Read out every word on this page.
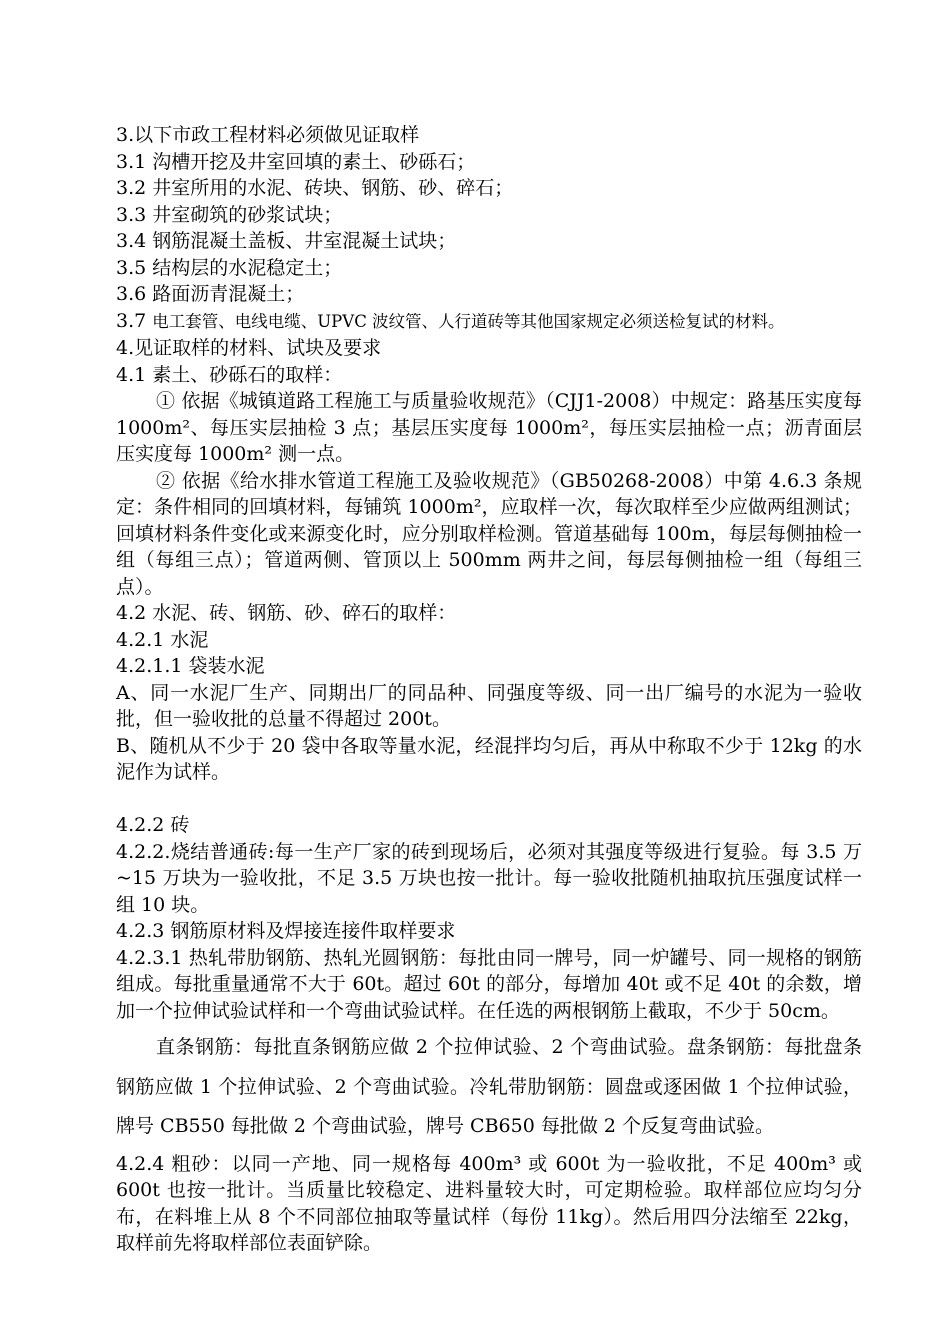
3.以下市政工程材料必须做见证取样
3.1 沟槽开挖及井室回填的素土、砂砾石；
3.2 井室所用的水泥、砖块、钢筋、砂、碎石；
3.3 井室砌筑的砂浆试块；
3.4 钢筋混凝土盖板、井室混凝土试块；
3.5 结构层的水泥稳定土；
3.6 路面沥青混凝土；
3.7 电工套管、电线电缆、UPVC 波纹管、人行道砖等其他国家规定必须送检复试的材料。
4.见证取样的材料、试块及要求
4.1 素土、砂砾石的取样：
① 依据《城镇道路工程施工与质量验收规范》（CJJ1-2008）中规定：路基压实度每 1000m²、每压实层抽检 3 点；基层压实度每 1000m²，每压实层抽检一点；沥青面层压实度每 1000m² 测一点。
② 依据《给水排水管道工程施工及验收规范》（GB50268-2008）中第 4.6.3 条规定：条件相同的回填材料，每铺筑 1000m²，应取样一次，每次取样至少应做两组测试；回填材料条件变化或来源变化时，应分别取样检测。管道基础每 100m，每层每侧抽检一组（每组三点）；管道两侧、管顶以上 500mm 两井之间，每层每侧抽检一组（每组三点）。
4.2 水泥、砖、钢筋、砂、碎石的取样：
4.2.1 水泥
4.2.1.1 袋装水泥
A、同一水泥厂生产、同期出厂的同品种、同强度等级、同一出厂编号的水泥为一验收批，但一验收批的总量不得超过 200t。
B、随机从不少于 20 袋中各取等量水泥，经混拌均匀后，再从中称取不少于 12kg 的水泥作为试样。
4.2.2 砖
4.2.2.烧结普通砖:每一生产厂家的砖到现场后，必须对其强度等级进行复验。每 3.5 万~15 万块为一验收批，不足 3.5 万块也按一批计。每一验收批随机抽取抗压强度试样一组 10 块。
4.2.3 钢筋原材料及焊接连接件取样要求
4.2.3.1 热轧带肋钢筋、热轧光圆钢筋：每批由同一牌号，同一炉罐号、同一规格的钢筋组成。每批重量通常不大于 60t。超过 60t 的部分，每增加 40t 或不足 40t 的余数，增加一个拉伸试验试样和一个弯曲试验试样。在任选的两根钢筋上截取，不少于 50cm。
直条钢筋：每批直条钢筋应做 2 个拉伸试验、2 个弯曲试验。盘条钢筋：每批盘条钢筋应做 1 个拉伸试验、2 个弯曲试验。冷轧带肋钢筋：圆盘或逐困做 1 个拉伸试验，牌号 CB550 每批做 2 个弯曲试验，牌号 CB650 每批做 2 个反复弯曲试验。
4.2.4 粗砂：以同一产地、同一规格每 400m³ 或 600t 为一验收批，不足 400m³ 或 600t 也按一批计。当质量比较稳定、进料量较大时，可定期检验。取样部位应均匀分布，在料堆上从 8 个不同部位抽取等量试样（每份 11kg）。然后用四分法缩至 22kg，取样前先将取样部位表面铲除。
